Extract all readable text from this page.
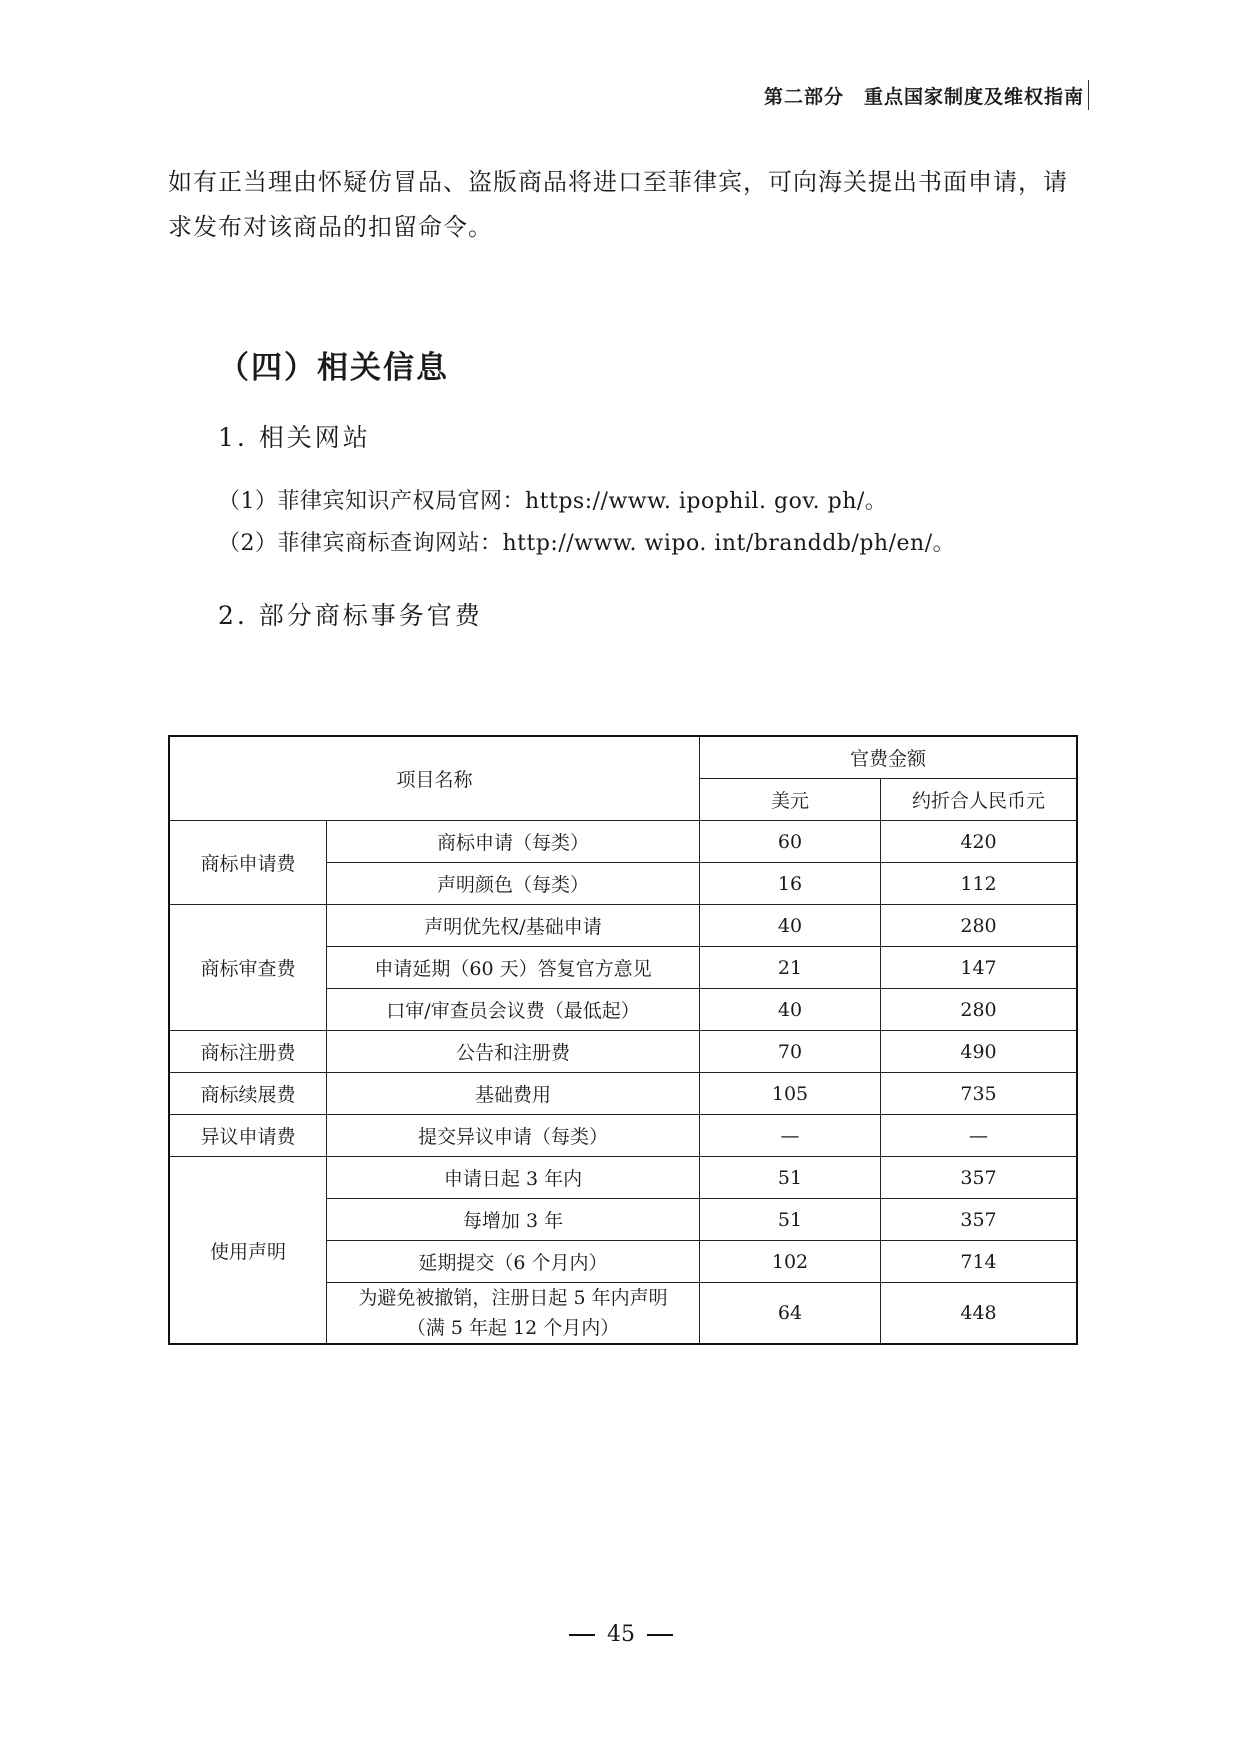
第二部分　重点国家制度及维权指南
如有正当理由怀疑仿冒品、盗版商品将进口至菲律宾，可向海关提出书面申请，请求发布对该商品的扣留命令。
（四）相关信息
1. 相关网站
（1）菲律宾知识产权局官网：https://www. ipophil. gov. ph/。
（2）菲律宾商标查询网站：http://www. wipo. int/branddb/ph/en/。
2. 部分商标事务官费
项目名称		官费金额	
		美元	约折合人民币元
商标申请费	商标申请（每类）	60	420

	声明颜色（每类）	16	112
商标审查费	声明优先权/基础申请	40	280

	申请延期（60 天）答复官方意见	21	147

	口审/审查员会议费（最低起）	40	280
商标注册费	公告和注册费	70	490
商标续展费	基础费用	105	735
异议申请费	提交异议申请（每类）	—	—
使用声明	申请日起 3 年内	51	357

	每增加 3 年	51	357

	延期提交（6 个月内）	102	714

	为避免被撤销，注册日起 5 年内声明
（满 5 年起 12 个月内）	64	448
45
